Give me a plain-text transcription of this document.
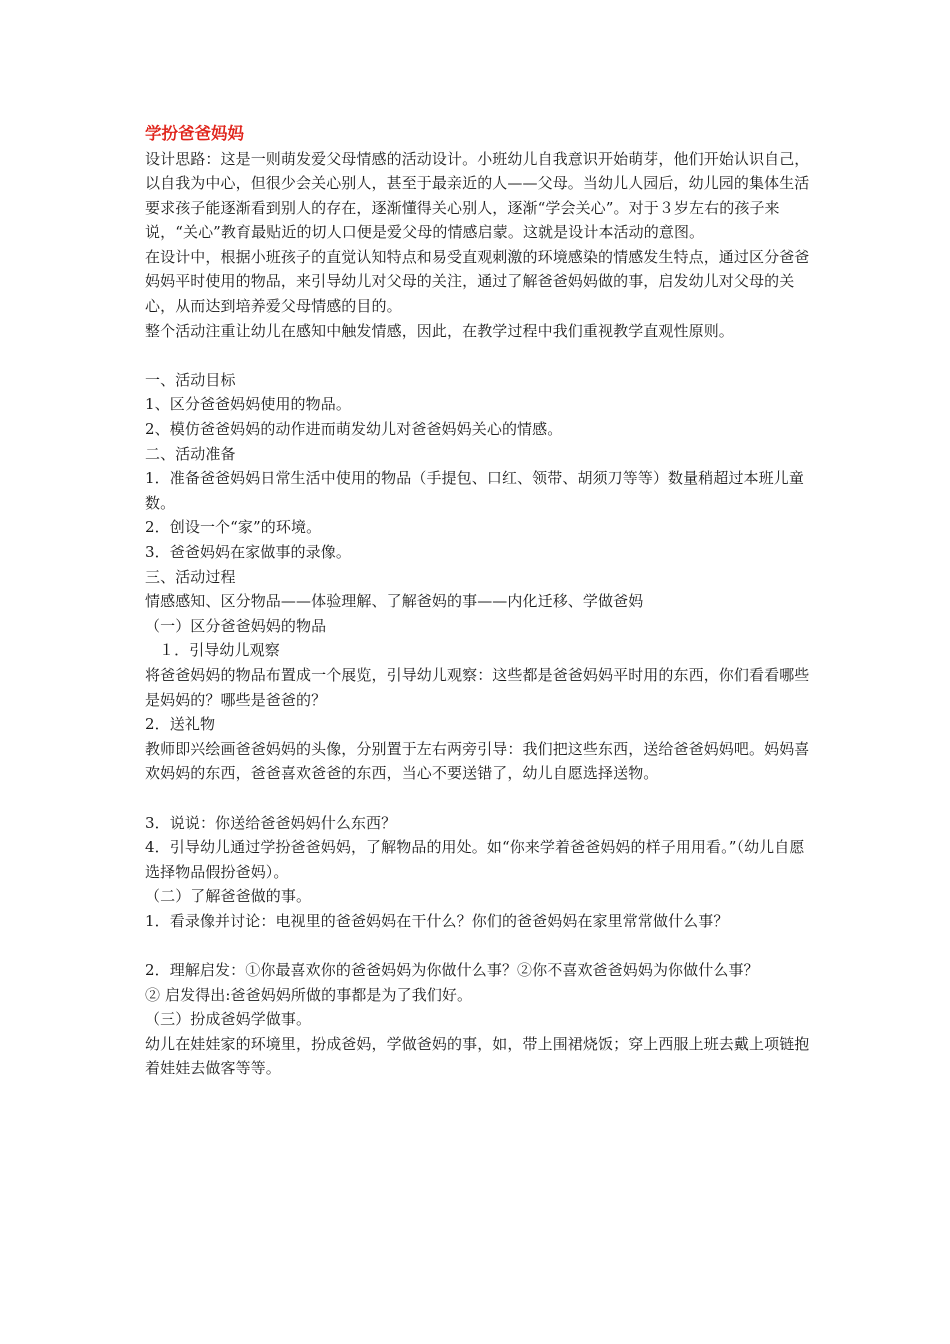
学扮爸爸妈妈

设计思路：这是一则萌发爱父母情感的活动设计。小班幼儿自我意识开始萌芽，他们开始认识自己，以自我为中心，但很少会关心别人，甚至于最亲近的人——父母。当幼儿人园后，幼儿园的集体生活要求孩子能逐渐看到别人的存在，逐渐懂得关心别人，逐渐“学会关心”。对于３岁左右的孩子来说，“关心”教育最贴近的切人口便是爱父母的情感启蒙。这就是设计本活动的意图。

在设计中，根据小班孩子的直觉认知特点和易受直观刺激的环境感染的情感发生特点，通过区分爸爸妈妈平时使用的物品，来引导幼儿对父母的关注，通过了解爸爸妈妈做的事，启发幼儿对父母的关心，从而达到培养爱父母情感的目的。

整个活动注重让幼儿在感知中触发情感，因此，在教学过程中我们重视教学直观性原则。

一、活动目标

1、区分爸爸妈妈使用的物品。

2、模仿爸爸妈妈的动作进而萌发幼儿对爸爸妈妈关心的情感。

二、活动准备

1．准备爸爸妈妈日常生活中使用的物品（手提包、口红、领带、胡须刀等等）数量稍超过本班儿童数。

2．创设一个“家”的环境。

3．爸爸妈妈在家做事的录像。

三、活动过程

情感感知、区分物品——体验理解、了解爸妈的事——内化迁移、学做爸妈

（一）区分爸爸妈妈的物品

１．引导幼儿观察

将爸爸妈妈的物品布置成一个展览，引导幼儿观察：这些都是爸爸妈妈平时用的东西，你们看看哪些是妈妈的？哪些是爸爸的？

2．送礼物

教师即兴绘画爸爸妈妈的头像，分别置于左右两旁引导：我们把这些东西，送给爸爸妈妈吧。妈妈喜欢妈妈的东西，爸爸喜欢爸爸的东西，当心不要送错了，幼儿自愿选择送物。

3．说说：你送给爸爸妈妈什么东西？

4．引导幼儿通过学扮爸爸妈妈，了解物品的用处。如“你来学着爸爸妈妈的样子用用看。”（幼儿自愿选择物品假扮爸妈）。

（二）了解爸爸做的事。

1．看录像并讨论：电视里的爸爸妈妈在干什么？你们的爸爸妈妈在家里常常做什么事？

2．理解启发：①你最喜欢你的爸爸妈妈为你做什么事？②你不喜欢爸爸妈妈为你做什么事？

② 启发得出:爸爸妈妈所做的事都是为了我们好。

（三）扮成爸妈学做事。

幼儿在娃娃家的环境里，扮成爸妈，学做爸妈的事，如，带上围裙烧饭；穿上西服上班去戴上项链抱着娃娃去做客等等。
